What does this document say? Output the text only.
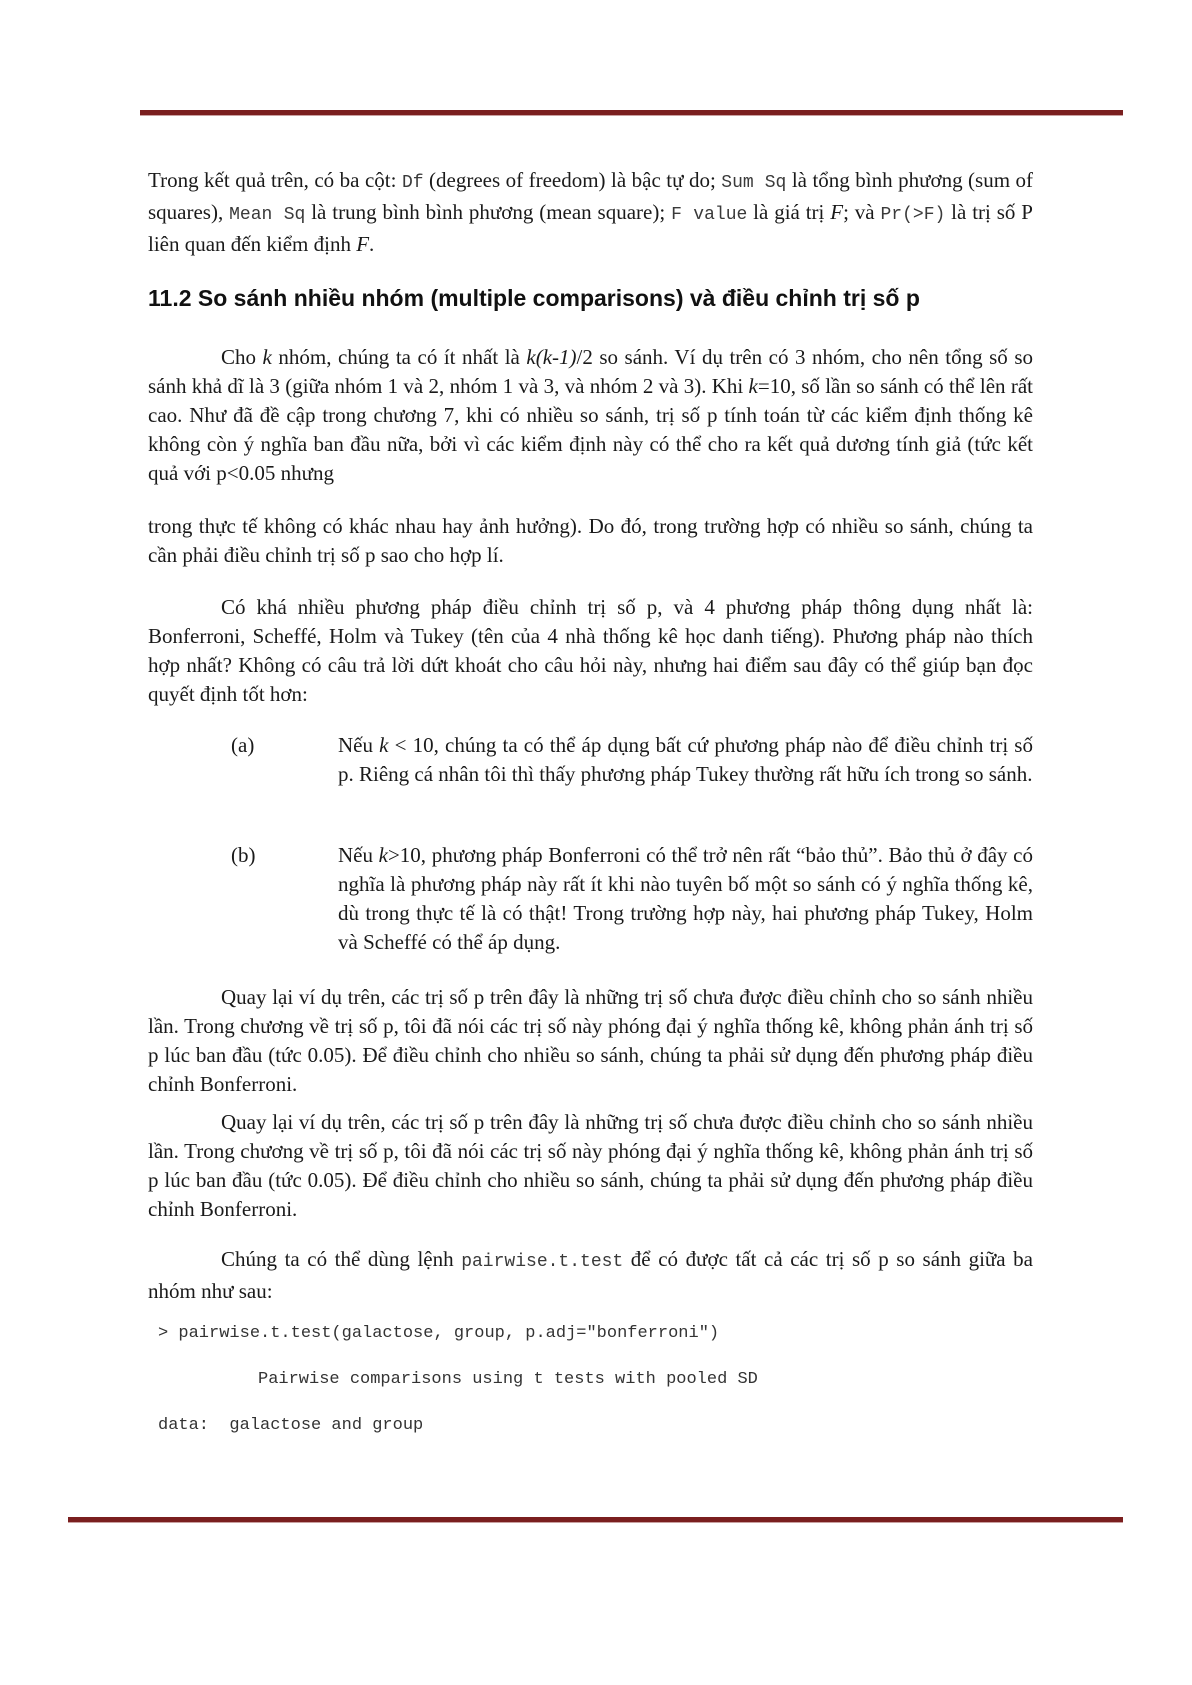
Trong kết quả trên, có ba cột: Df (degrees of freedom) là bậc tự do; Sum Sq là tổng bình phương (sum of squares), Mean Sq là trung bình bình phương (mean square); F value là giá trị F; và Pr(>F) là trị số P liên quan đến kiểm định F.

11.2 So sánh nhiều nhóm (multiple comparisons) và điều chỉnh trị số p

Cho k nhóm, chúng ta có ít nhất là k(k-1)/2 so sánh. Ví dụ trên có 3 nhóm, cho nên tổng số so sánh khả dĩ là 3 (giữa nhóm 1 và 2, nhóm 1 và 3, và nhóm 2 và 3). Khi k=10, số lần so sánh có thể lên rất cao. Như đã đề cập trong chương 7, khi có nhiều so sánh, trị số p tính toán từ các kiểm định thống kê không còn ý nghĩa ban đầu nữa, bởi vì các kiểm định này có thể cho ra kết quả dương tính giả (tức kết quả với p<0.05 nhưng

trong thực tế không có khác nhau hay ảnh hưởng). Do đó, trong trường hợp có nhiều so sánh, chúng ta cần phải điều chỉnh trị số p sao cho hợp lí.

Có khá nhiều phương pháp điều chỉnh trị số p, và 4 phương pháp thông dụng nhất là: Bonferroni, Scheffé, Holm và Tukey (tên của 4 nhà thống kê học danh tiếng). Phương pháp nào thích hợp nhất? Không có câu trả lời dứt khoát cho câu hỏi này, nhưng hai điểm sau đây có thể giúp bạn đọc quyết định tốt hơn:

(a)	Nếu k < 10, chúng ta có thể áp dụng bất cứ phương pháp nào để điều chỉnh trị số p. Riêng cá nhân tôi thì thấy phương pháp Tukey thường rất hữu ích trong so sánh.

(b)	Nếu k>10, phương pháp Bonferroni có thể trở nên rất “bảo thủ”. Bảo thủ ở đây có nghĩa là phương pháp này rất ít khi nào tuyên bố một so sánh có ý nghĩa thống kê, dù trong thực tế là có thật! Trong trường hợp này, hai phương pháp Tukey, Holm và Scheffé có thể áp dụng.

Quay lại ví dụ trên, các trị số p trên đây là những trị số chưa được điều chỉnh cho so sánh nhiều lần. Trong chương về trị số p, tôi đã nói các trị số này phóng đại ý nghĩa thống kê, không phản ánh trị số p lúc ban đầu (tức 0.05). Để điều chỉnh cho nhiều so sánh, chúng ta phải sử dụng đến phương pháp điều chỉnh Bonferroni.

Quay lại ví dụ trên, các trị số p trên đây là những trị số chưa được điều chỉnh cho so sánh nhiều lần. Trong chương về trị số p, tôi đã nói các trị số này phóng đại ý nghĩa thống kê, không phản ánh trị số p lúc ban đầu (tức 0.05). Để điều chỉnh cho nhiều so sánh, chúng ta phải sử dụng đến phương pháp điều chỉnh Bonferroni.

Chúng ta có thể dùng lệnh pairwise.t.test để có được tất cả các trị số p so sánh giữa ba nhóm như sau:

> pairwise.t.test(galactose, group, p.adj="bonferroni")
Pairwise comparisons using t tests with pooled SD
data:  galactose and group
